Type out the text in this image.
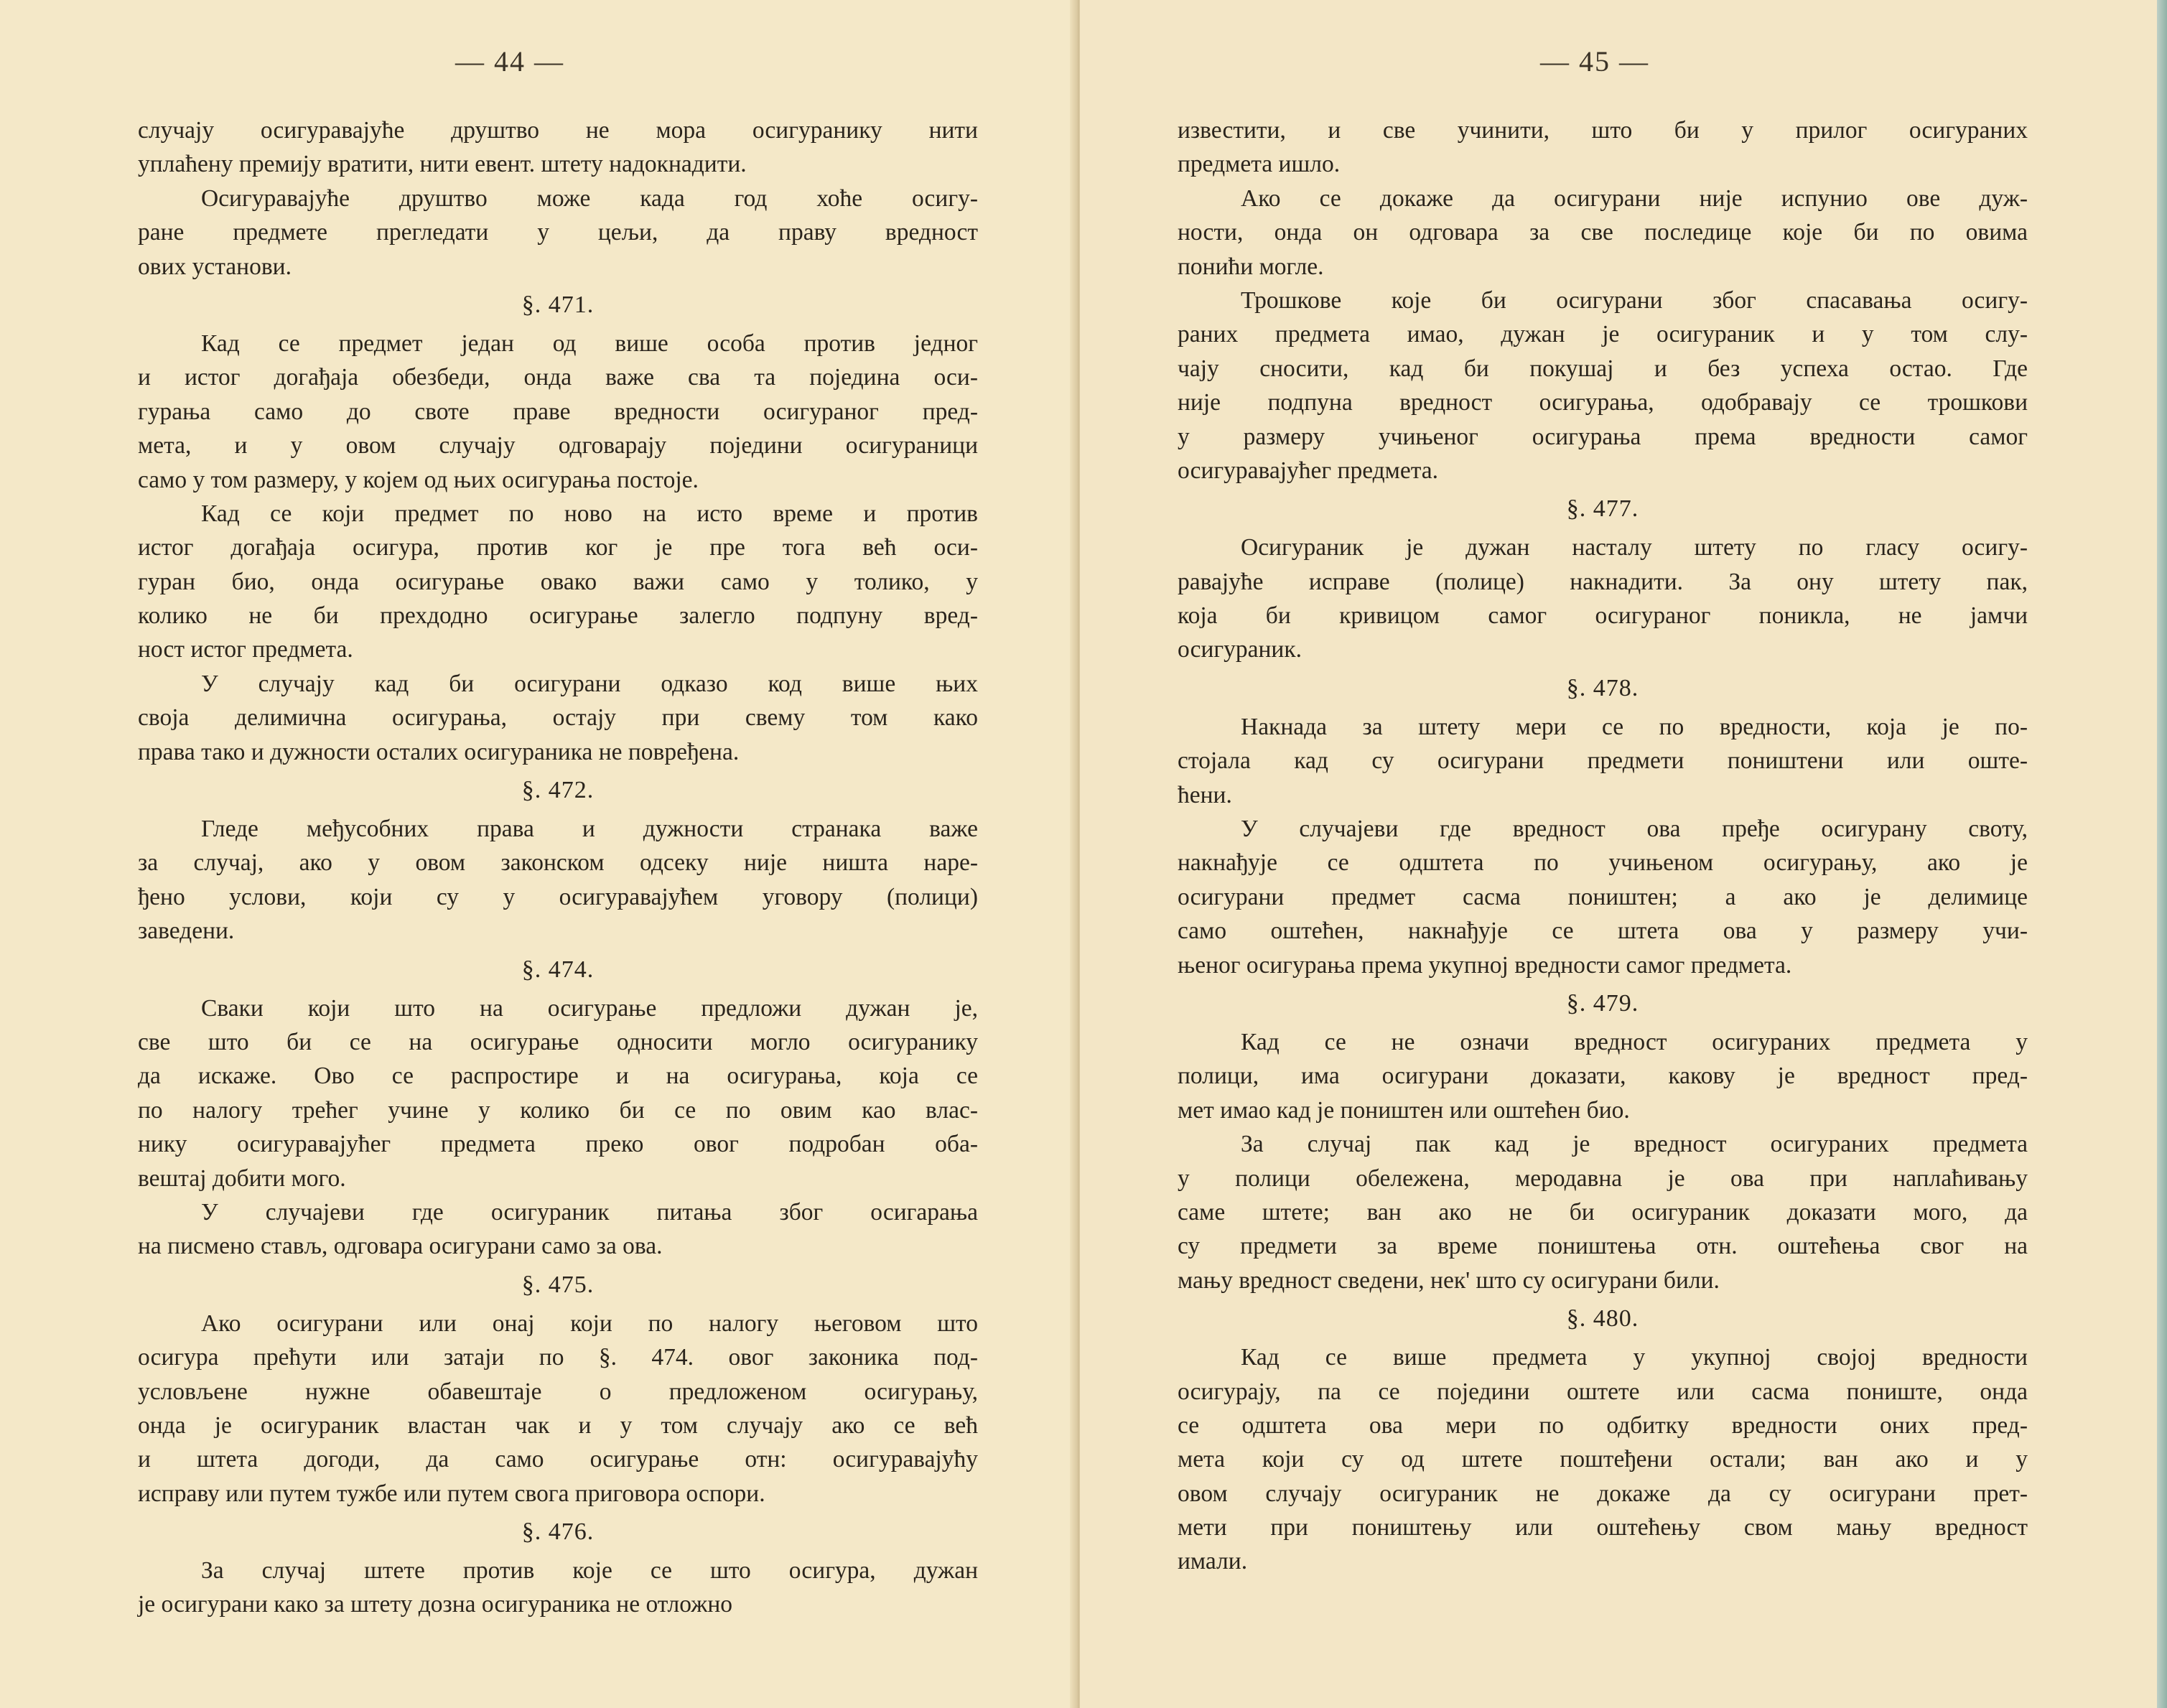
— 44 —
случају осигуравајуће друштво не мора осигуранику нити
уплаћену премију вратити, нити евент. штету надокнадити.
Осигуравајуће друштво може када год хоће осигу-
ране предмете прегледати у цељи, да праву вредност
ових установи.
§. 471.
Кад се предмет један од више особа против једног
и истог догађаја обезбеди, онда важе сва та поједина оси-
гурања само до своте праве вредности осигураног пред-
мета, и у овом случају одговарају поједини осигураници
само у том размеру, у којем од њих осигурања постоје.
Кад се који предмет по ново на исто време и против
истог догађаја осигура, против ког је пре тога већ оси-
гуран био, онда осигурање овако важи само у толико, у
колико не би прехдодно осигурање залегло подпуну вред-
ност истог предмета.
У случају кад би осигурани одказо код више њих
своја делимична осигурања, остају при свему том како
права тако и дужности осталих осигураника не повређена.
§. 472.
Гледе међусобних права и дужности странака важе
за случај, ако у овом законском одсеку није ништа наре-
ђено услови, који су у осигуравајућем уговору (полици)
заведени.
§. 474.
Сваки који што на осигурање предложи дужан је,
све што би се на осигурање односити могло осигуранику
да искаже. Ово се распростире и на осигурања, која се
по налогу трећег учине у колико би се по овим као влас-
нику осигуравајућег предмета преко овог подробан оба-
вештај добити мого.
У случајеви где осигураник питања због осигарања
на писмено стављ, одговара осигурани само за ова.
§. 475.
Ако осигурани или онај који по налогу његовом што
осигура прећути или затаји по §. 474. овог законика под-
условљене нужне обавештаје о предложеном осигурању,
онда је осигураник властан чак и у том случају ако се већ
и штета догоди, да само осигурање отн: осигуравајућу
исправу или путем тужбе или путем свога приговора оспори.
§. 476.
За случај штете против које се што осигура, дужан
је осигурани како за штету дозна осигураника не отложно
— 45 —
известити, и све учинити, што би у прилог осигураних
предмета ишло.
Ако се докаже да осигурани није испунио ове дуж-
ности, онда он одговара за све последице које би по овима
понићи могле.
Трошкове које би осигурани због спасавања осигу-
раних предмета имао, дужан је осигураник и у том слу-
чају сносити, кад би покушај и без успеха остао. Где
није подпуна вредност осигурања, одобравају се трошкови
у размеру учињеног осигурања према вредности самог
осигуравајућег предмета.
§. 477.
Осигураник је дужан насталу штету по гласу осигу-
равајуће исправе (полице) накнадити. За ону штету пак,
која би кривицом самог осигураног поникла, не јамчи
осигураник.
§. 478.
Накнада за штету мери се по вредности, која је по-
стојала кад су осигурани предмети поништени или оште-
ћени.
У случајеви где вредност ова пређе осигурану своту,
накнађује се одштета по учињеном осигурању, ако је
осигурани предмет сасма поништен; а ако је делимице
само оштећен, накнађује се штета ова у размеру учи-
њеног осигурања према укупној вредности самог предмета.
§. 479.
Кад се не означи вредност осигураних предмета у
полици, има осигурани доказати, какову је вредност пред-
мет имао кад је поништен или оштећен био.
За случај пак кад је вредност осигураних предмета
у полици обележена, меродавна је ова при наплаћивању
саме штете; ван ако не би осигураник доказати мого, да
су предмети за време поништења отн. оштећења свог на
мању вредност сведени, нек' што су осигурани били.
§. 480.
Кад се више предмета у укупној својој вредности
осигурају, па се поједини оштете или сасма пониште, онда
се одштета ова мери по одбитку вредности оних пред-
мета који су од штете поштеђени остали; ван ако и у
овом случају осигураник не докаже да су осигурани прет-
мети при поништењу или оштећењу свом мању вредност
имали.
